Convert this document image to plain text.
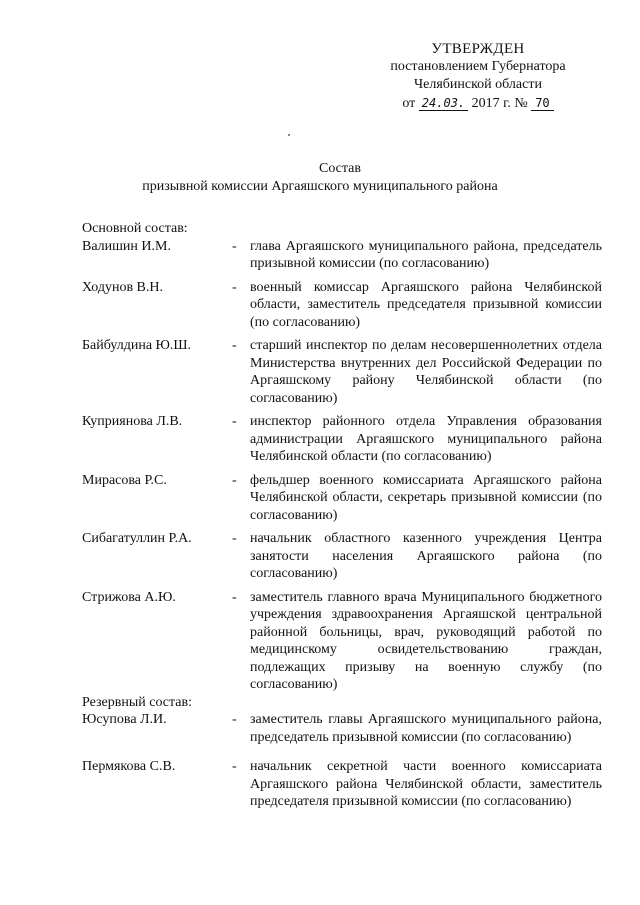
УТВЕРЖДЕН
постановлением Губернатора
Челябинской области
от 24.03. 2017 г. № 70
Состав
призывной комиссии Аргаяшского муниципального района
Основной состав:
Валишин И.М.	- глава Аргаяшского муниципального района, председатель призывной комиссии (по согласованию)
Ходунов В.Н.	- военный комиссар Аргаяшского района Челябинской области, заместитель председателя призывной комиссии (по согласованию)
Байбулдина Ю.Ш.	- старший инспектор по делам несовершеннолетних отдела Министерства внутренних дел Российской Федерации по Аргаяшскому району Челябинской области (по согласованию)
Куприянова Л.В.	- инспектор районного отдела Управления образования администрации Аргаяшского муниципального района Челябинской области (по согласованию)
Мирасова Р.С.	- фельдшер военного комиссариата Аргаяшского района Челябинской области, секретарь призывной комиссии (по согласованию)
Сибагатуллин Р.А.	- начальник областного казенного учреждения Центра занятости населения Аргаяшского района (по согласованию)
Стрижова А.Ю.	- заместитель главного врача Муниципального бюджетного учреждения здравоохранения Аргаяшской центральной районной больницы, врач, руководящий работой по медицинскому освидетельствованию граждан, подлежащих призыву на военную службу (по согласованию)
Резервный состав:
Юсупова Л.И.	- заместитель главы Аргаяшского муниципального района, председатель призывной комиссии (по согласованию)
Пермякова С.В.	- начальник секретной части военного комиссариата Аргаяшского района Челябинской области, заместитель председателя призывной комиссии (по согласованию)
